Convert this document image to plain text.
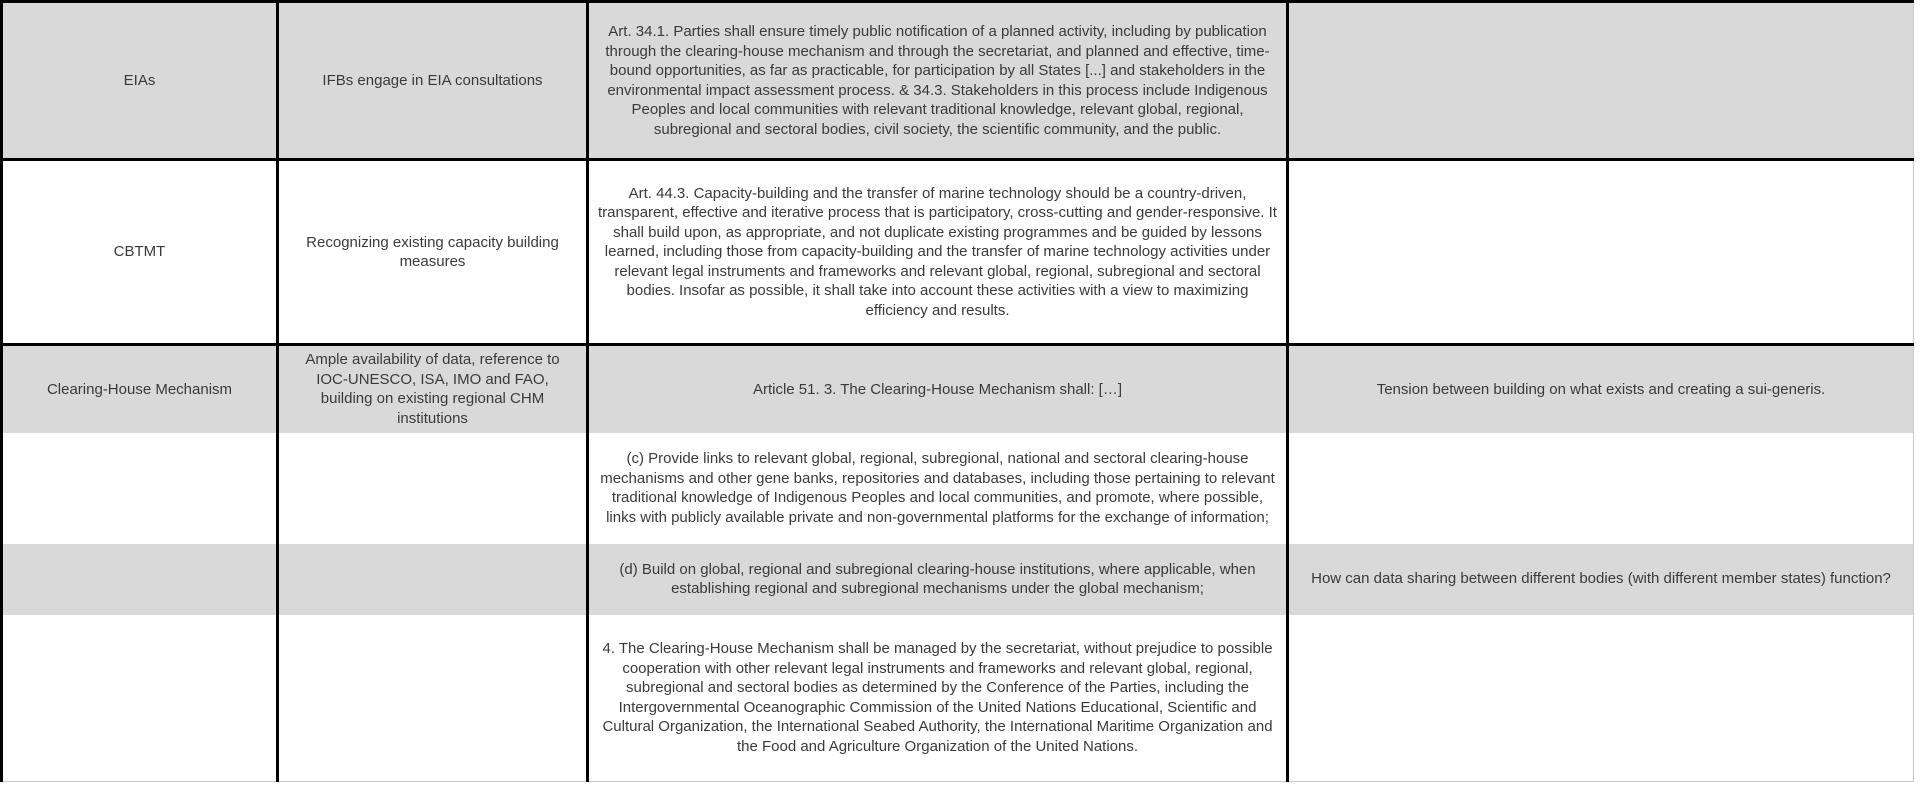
EIAs	IFBs engage in EIA consultations	Art. 34.1. Parties shall ensure timely public notification of a planned activity, including by publication through the clearing-house mechanism and through the secretariat, and planned and effective, time-bound opportunities, as far as practicable, for participation by all States [...] and stakeholders in the environmental impact assessment process. & 34.3. Stakeholders in this process include Indigenous Peoples and local communities with relevant traditional knowledge, relevant global, regional, subregional and sectoral bodies, civil society, the scientific community, and the public.	
CBTMT	Recognizing existing capacity building measures	Art. 44.3. Capacity-building and the transfer of marine technology should be a country-driven, transparent, effective and iterative process that is participatory, cross-cutting and gender-responsive. It shall build upon, as appropriate, and not duplicate existing programmes and be guided by lessons learned, including those from capacity-building and the transfer of marine technology activities under relevant legal instruments and frameworks and relevant global, regional, subregional and sectoral bodies. Insofar as possible, it shall take into account these activities with a view to maximizing efficiency and results.	
Clearing-House Mechanism	Ample availability of data, reference to IOC-UNESCO, ISA, IMO and FAO, building on existing regional CHM institutions	Article 51. 3. The Clearing-House Mechanism shall: […]	Tension between building on what exists and creating a sui-generis.
		(c) Provide links to relevant global, regional, subregional, national and sectoral clearing-house mechanisms and other gene banks, repositories and databases, including those pertaining to relevant traditional knowledge of Indigenous Peoples and local communities, and promote, where possible, links with publicly available private and non-governmental platforms for the exchange of information;	
		(d) Build on global, regional and subregional clearing-house institutions, where applicable, when establishing regional and subregional mechanisms under the global mechanism;	How can data sharing between different bodies (with different member states) function?
		4. The Clearing-House Mechanism shall be managed by the secretariat, without prejudice to possible cooperation with other relevant legal instruments and frameworks and relevant global, regional, subregional and sectoral bodies as determined by the Conference of the Parties, including the Intergovernmental Oceanographic Commission of the United Nations Educational, Scientific and Cultural Organization, the International Seabed Authority, the International Maritime Organization and the Food and Agriculture Organization of the United Nations.	
